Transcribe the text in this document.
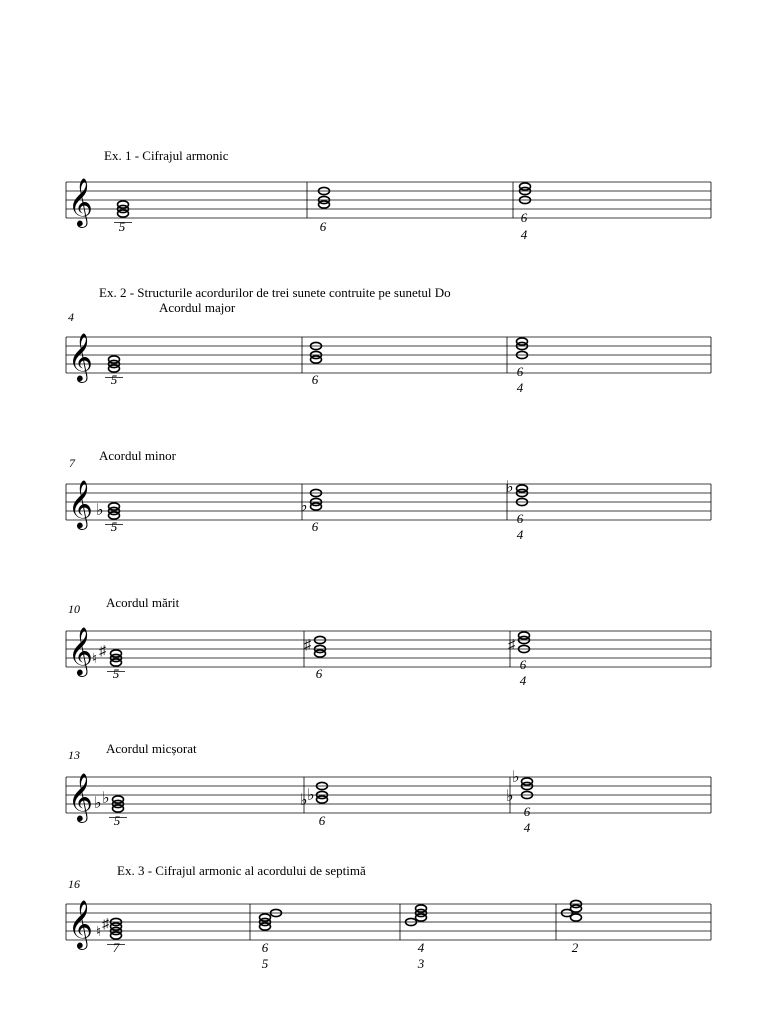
Ex. 1 - Cifrajul armonic
𝄞
5	6
6
4
Ex. 2 - Structurile acordurilor de trei sunete contruite pe sunetul Do
Acordul major
4
𝄞 5	6
6
4
Acordul minor
7
𝄞 ♭	♭
♭
5	6
6
4
Acordul mărit
10
𝄞 ♮
♯	♯	♯
5	6
6
4
Acordul micșorat
13
𝄞 ♭ ♭	♭ ♭	♭
♭
5	6
6
4
Ex. 3 - Cifrajul armonic al acordului de septimă
16
𝄞 ♮
♯
7	6
5
4
3
2
